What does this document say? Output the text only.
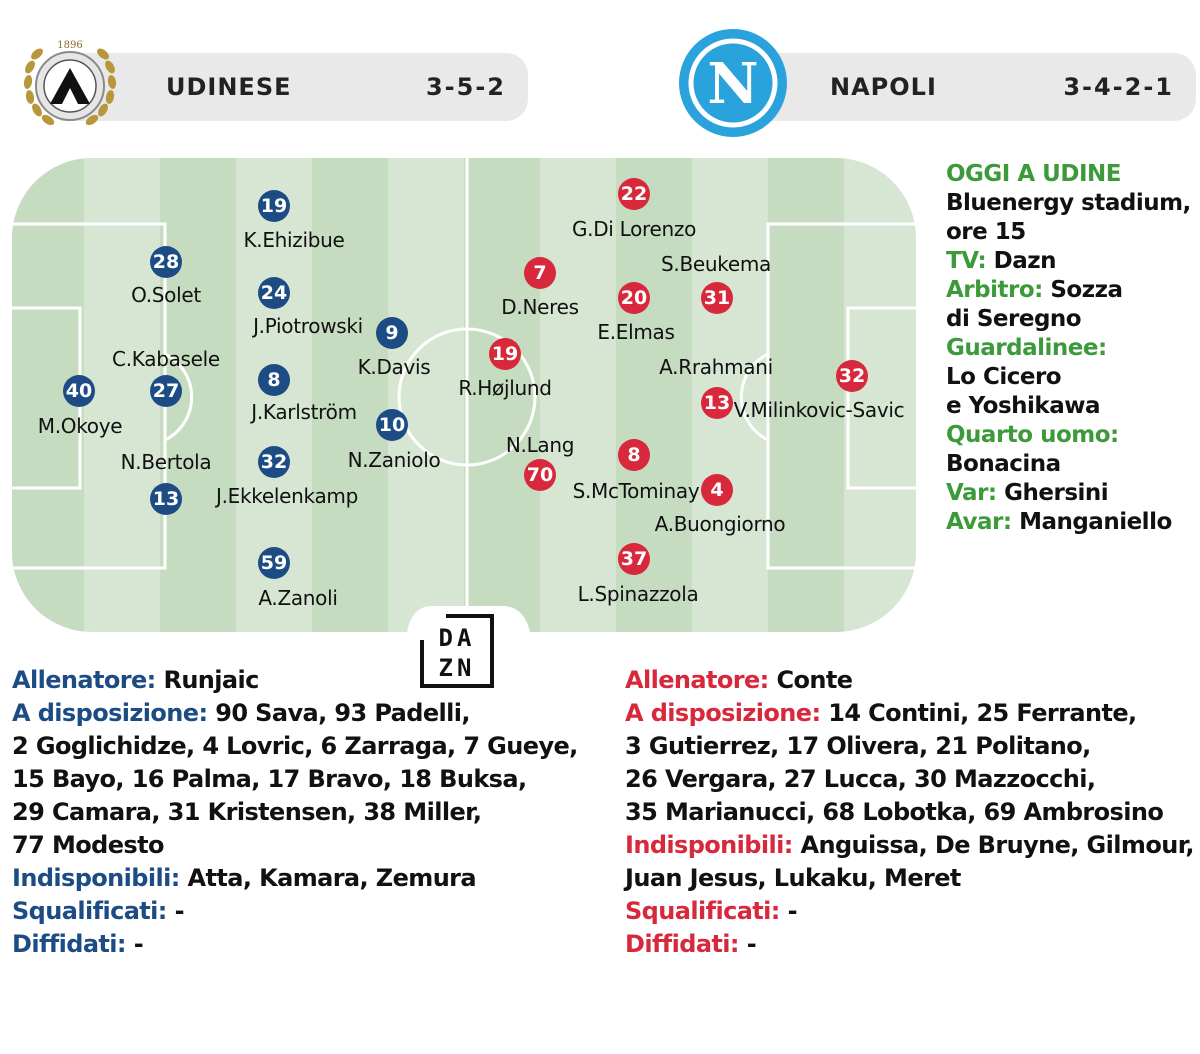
UDINESE	3-5-2
1896
NAPOLI	3-4-2-1
N
40
M.Okoye
28
O.Solet
27
C.Kabasele
13
N.Bertola
19
K.Ehizibue
24
J.Piotrowski
8
J.Karlström
32
J.Ekkelenkamp
59
A.Zanoli
9
K.Davis
10
N.Zaniolo
22
G.Di Lorenzo
7
D.Neres 20
E.Elmas
31
S.Beukema
19
R.Højlund
13
A.Rrahmani	32
V.Milinkovic-Savic
70
N.Lang	8
S.McTominay 4
A.Buongiorno
37
L.Spinazzola
DA
ZN
OGGI A UDINE
Bluenergy stadium,
ore 15
TV: Dazn
Arbitro: Sozza
di Seregno
Guardalinee:
Lo Cicero
e Yoshikawa
Quarto uomo:
Bonacina
Var: Ghersini
Avar: Manganiello
Allenatore: Runjaic
A disposizione: 90 Sava, 93 Padelli,
2 Goglichidze, 4 Lovric, 6 Zarraga, 7 Gueye,
15 Bayo, 16 Palma, 17 Bravo, 18 Buksa,
29 Camara, 31 Kristensen, 38 Miller,
77 Modesto
Indisponibili: Atta, Kamara, Zemura
Squalificati: -
Diffidati: -
Allenatore: Conte
A disposizione: 14 Contini, 25 Ferrante,
3 Gutierrez, 17 Olivera, 21 Politano,
26 Vergara, 27 Lucca, 30 Mazzocchi,
35 Marianucci, 68 Lobotka, 69 Ambrosino
Indisponibili: Anguissa, De Bruyne, Gilmour,
Juan Jesus, Lukaku, Meret
Squalificati: -
Diffidati: -
